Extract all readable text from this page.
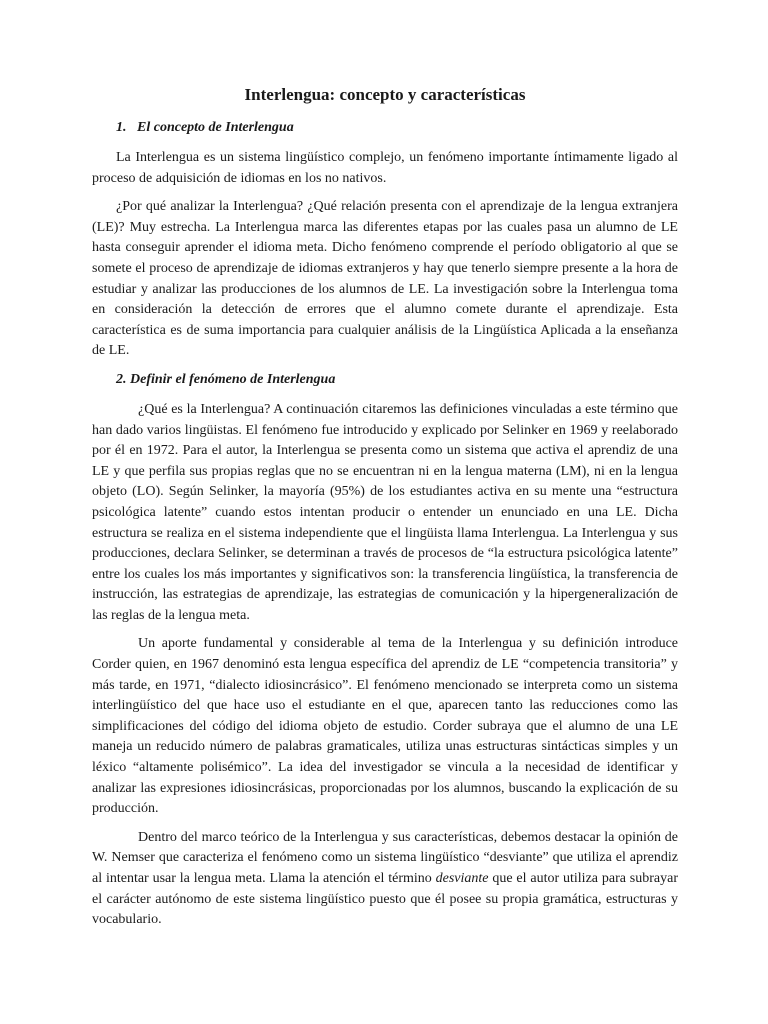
Interlengua: concepto y características
1.   El concepto de Interlengua

La Interlengua es un sistema lingüístico complejo, un fenómeno importante íntimamente ligado al proceso de adquisición de idiomas en los no nativos.

¿Por qué analizar la Interlengua? ¿Qué relación presenta con el aprendizaje de la lengua extranjera (LE)? Muy estrecha. La Interlengua marca las diferentes etapas por las cuales pasa un alumno de LE hasta conseguir aprender el idioma meta. Dicho fenómeno comprende el período obligatorio al que se somete el proceso de aprendizaje de idiomas extranjeros y hay que tenerlo siempre presente a la hora de estudiar y analizar las producciones de los alumnos de LE. La investigación sobre la Interlengua toma en consideración la detección de errores que el alumno comete durante el aprendizaje. Esta característica es de suma importancia para cualquier análisis de la Lingüística Aplicada a la enseñanza de LE.

2. Definir el fenómeno de Interlengua

¿Qué es la Interlengua? A continuación citaremos las definiciones vinculadas a este término que han dado varios lingüistas. El fenómeno fue introducido y explicado por Selinker en 1969 y reelaborado por él en 1972. Para el autor, la Interlengua se presenta como un sistema que activa el aprendiz de una LE y que perfila sus propias reglas que no se encuentran ni en la lengua materna (LM), ni en la lengua objeto (LO). Según Selinker, la mayoría (95%) de los estudiantes activa en su mente una “estructura psicológica latente” cuando estos intentan producir o entender un enunciado en una LE. Dicha estructura se realiza en el sistema independiente que el lingüista llama Interlengua. La Interlengua y sus producciones, declara Selinker, se determinan a través de procesos de “la estructura psicológica latente” entre los cuales los más importantes y significativos son: la transferencia lingüística, la transferencia de instrucción, las estrategias de aprendizaje, las estrategias de comunicación y la hipergeneralización de las reglas de la lengua meta.

Un aporte fundamental y considerable al tema de la Interlengua y su definición introduce Corder quien, en 1967 denominó esta lengua específica del aprendiz de LE “competencia transitoria” y más tarde, en 1971, “dialecto idiosincrásico”. El fenómeno mencionado se interpreta como un sistema interlingüístico del que hace uso el estudiante en el que, aparecen tanto las reducciones como las simplificaciones del código del idioma objeto de estudio. Corder subraya que el alumno de una LE maneja un reducido número de palabras gramaticales, utiliza unas estructuras sintácticas simples y un léxico “altamente polisémico”. La idea del investigador se vincula a la necesidad de identificar y analizar las expresiones idiosincrásicas, proporcionadas por los alumnos, buscando la explicación de su producción.

Dentro del marco teórico de la Interlengua y sus características, debemos destacar la opinión de W. Nemser que caracteriza el fenómeno como un sistema lingüístico “desviante” que utiliza el aprendiz al intentar usar la lengua meta. Llama la atención el término desviante que el autor utiliza para subrayar el carácter autónomo de este sistema lingüístico puesto que él posee su propia gramática, estructuras y vocabulario.
